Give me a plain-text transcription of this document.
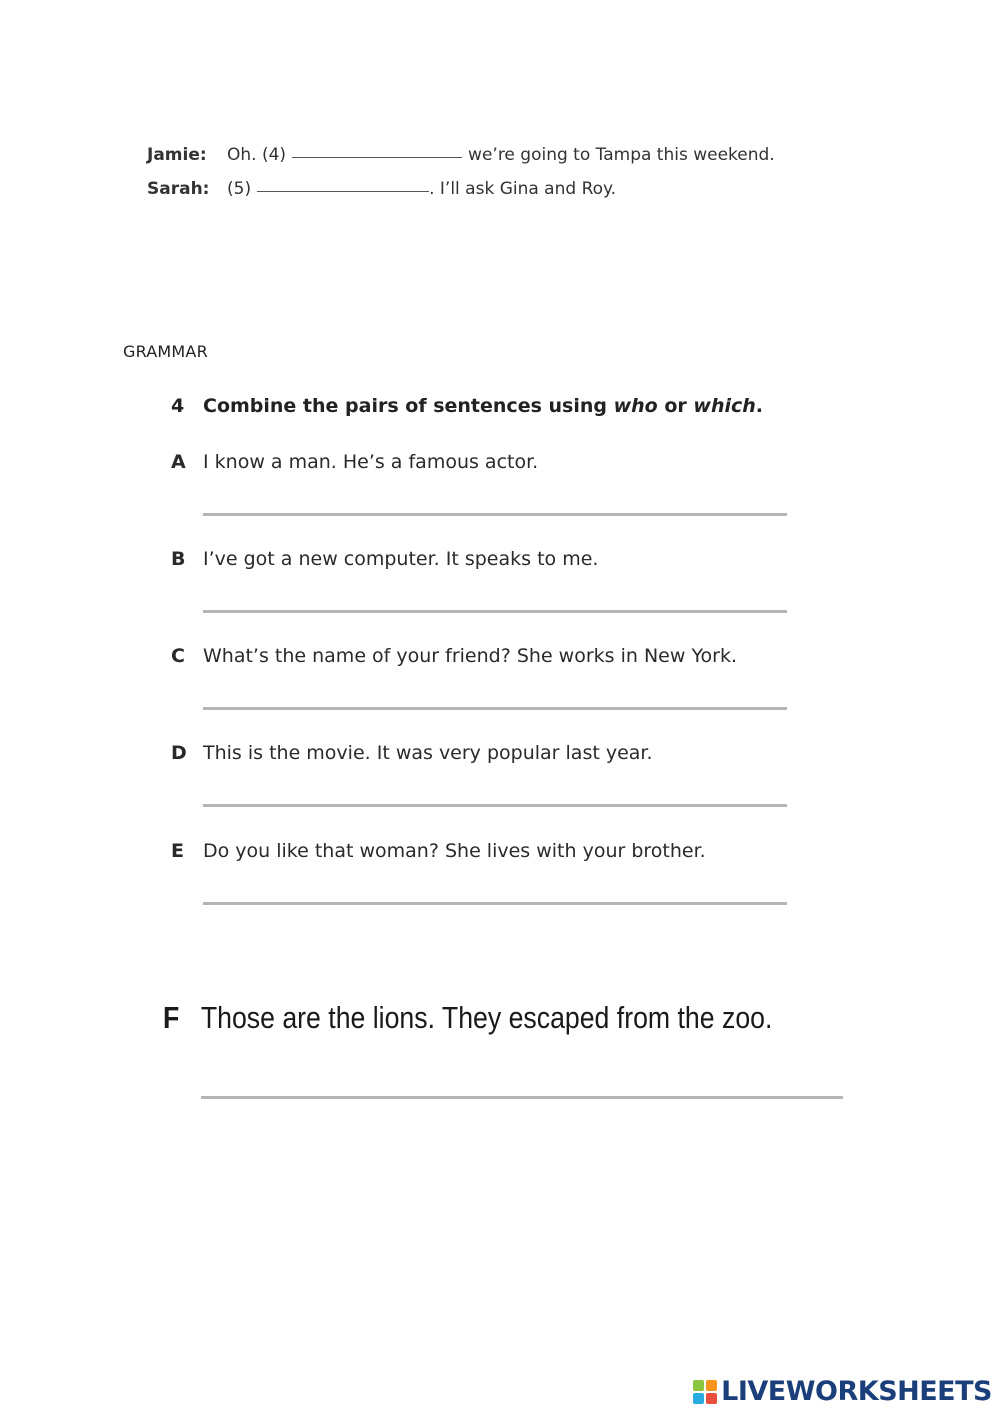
Jamie:	Oh. (4)	we’re going to Tampa this weekend.
Sarah:	(5)	. I’ll ask Gina and Roy.
GRAMMAR
4 Combine the pairs of sentences using who or which.
A I know a man. He’s a famous actor.
B I’ve got a new computer. It speaks to me.
C What’s the name of your friend? She works in New York.
D This is the movie. It was very popular last year.
E Do you like that woman? She lives with your brother.
F Those are the lions. They escaped from the zoo.
LIVEWORKSHEETS
